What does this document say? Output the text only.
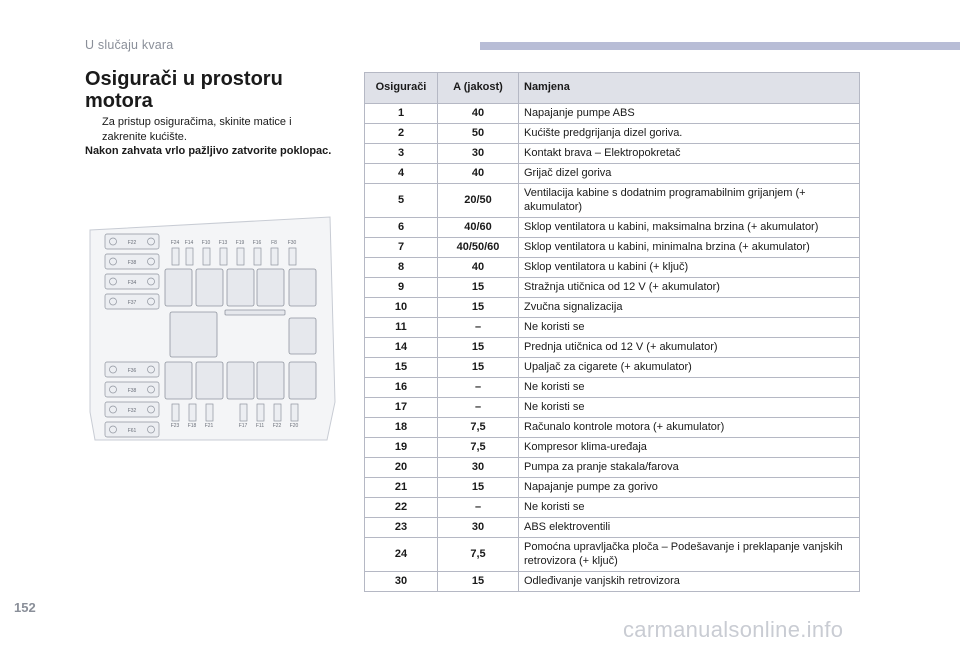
U slučaju kvara
Osigurači u prostoru motora
Za pristup osiguračima, skinite matice i zakrenite kućište.
Nakon zahvata vrlo pažljivo zatvorite poklopac.
F22
F38
F34
F37
F36
F38
F32
F61
F24 F14 F10 F13 F19 F16 F8 F30
F23 F18 F21	F17 F11 F22 F20
Osigurači	A (jakost)	Namjena
1	40	Napajanje pumpe ABS
2	50	Kućište predgrijanja dizel goriva.
3	30	Kontakt brava – Elektropokretač
4	40	Grijač dizel goriva
5	20/50	Ventilacija kabine s dodatnim programabilnim grijanjem (+ akumulator)
6	40/60	Sklop ventilatora u kabini, maksimalna brzina (+ akumulator)
7	40/50/60	Sklop ventilatora u kabini, minimalna brzina (+ akumulator)
8	40	Sklop ventilatora u kabini (+ ključ)
9	15	Stražnja utičnica od 12 V (+ akumulator)
10	15	Zvučna signalizacija
11	–	Ne koristi se
14	15	Prednja utičnica od 12 V (+ akumulator)
15	15	Upaljač za cigarete (+ akumulator)
16	–	Ne koristi se
17	–	Ne koristi se
18	7,5	Računalo kontrole motora (+ akumulator)
19	7,5	Kompresor klima-uređaja
20	30	Pumpa za pranje stakala/farova
21	15	Napajanje pumpe za gorivo
22	–	Ne koristi se
23	30	ABS elektroventili
24	7,5	Pomoćna upravljačka ploča – Podešavanje i preklapanje vanjskih retrovizora (+ ključ)
30	15	Odleđivanje vanjskih retrovizora
152
carmanualsonline.info
